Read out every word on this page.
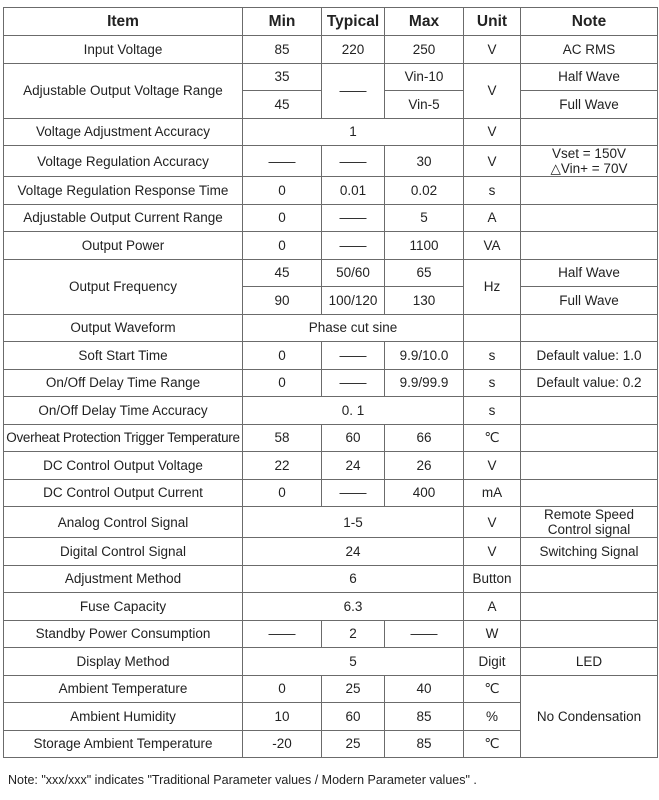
Item	Min	Typical	Max	Unit	Note
Input Voltage	85	220	250	V	AC RMS
Adjustable Output Voltage Range	35	——	Vin-10	V	Half Wave
	45		Vin-5		Full Wave
Voltage Adjustment Accuracy	1			V	
Voltage Regulation Accuracy	——	——	30	V	Vset = 150V
△Vin+ = 70V
Voltage Regulation Response Time	0	0.01	0.02	s	
Adjustable Output Current Range	0	——	5	A	
Output Power	0	——	1100	VA	
Output Frequency	45	50/60	65	Hz	Half Wave
	90	100/120	130		Full Wave
Output Waveform	Phase cut sine				
Soft Start Time	0	——	9.9/10.0	s	Default value: 1.0
On/Off Delay Time Range	0	——	9.9/99.9	s	Default value: 0.2
On/Off Delay Time Accuracy	0. 1			s	
Overheat Protection Trigger Temperature	58	60	66	℃	
DC Control Output Voltage	22	24	26	V	
DC Control Output Current	0	——	400	mA	
Analog Control Signal	1-5			V	Remote Speed
Control signal
Digital Control Signal	24			V	Switching Signal
Adjustment Method	6			Button	
Fuse Capacity	6.3			A	
Standby Power Consumption	——	2	——	W	
Display Method	5			Digit	LED
Ambient Temperature	0	25	40	℃	No Condensation
Ambient Humidity	10	60	85	%	
Storage Ambient Temperature	-20	25	85	℃	
Note: "xxx/xxx" indicates "Traditional Parameter values / Modern Parameter values" .
